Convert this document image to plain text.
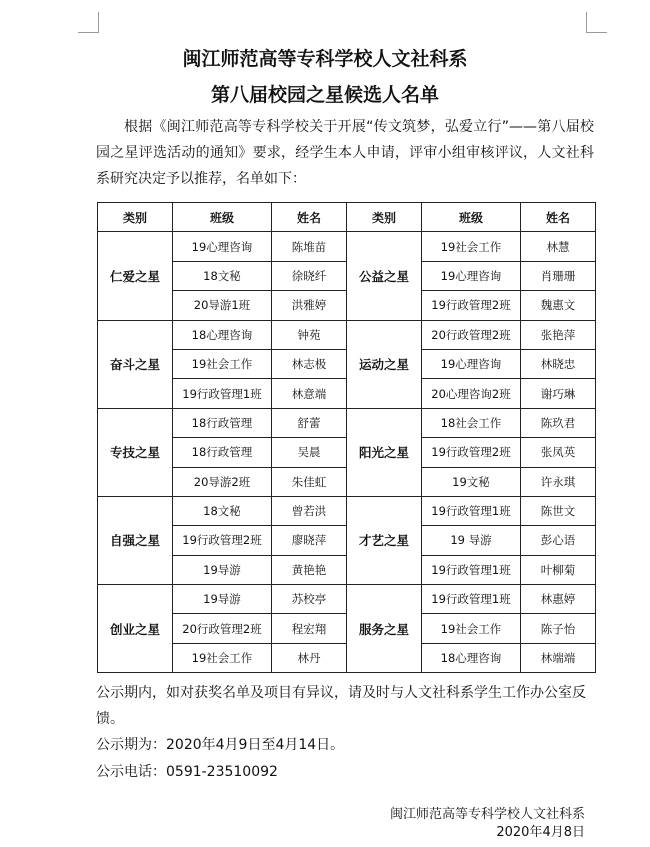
闽江师范高等专科学校人文社科系
第八届校园之星候选人名单
根据《闽江师范高等专科学校关于开展“传文筑梦，弘爱立行”——第八届校园之星评选活动的通知》要求，经学生本人申请，评审小组审核评议，人文社科系研究决定予以推荐，名单如下：
类别	班级	姓名	类别	班级	姓名
仁爱之星	19心理咨询	陈堆苗	公益之星	19社会工作	林慧
	18文秘	徐晓纤		19心理咨询	肖珊珊
	20导游1班	洪雅婷		19行政管理2班	魏惠文
奋斗之星	18心理咨询	钟苑	运动之星	20行政管理2班	张艳萍
	19社会工作	林志极		19心理咨询	林晓忠
	19行政管理1班	林意端		20心理咨询2班	谢巧琳
专技之星	18行政管理	舒蕾	阳光之星	18社会工作	陈玖君
	18行政管理	吴晨		19行政管理2班	张凤英
	20导游2班	朱佳虹		19文秘	许永琪
自强之星	18文秘	曾若洪	才艺之星	19行政管理1班	陈世文
	19行政管理2班	廖晓萍		19 导游	彭心语
	19导游	黄艳艳		19行政管理1班	叶柳菊
创业之星	19导游	苏校亭	服务之星	19行政管理1班	林惠婷
	20行政管理2班	程宏翔		19社会工作	陈子怡
	19社会工作	林丹		18心理咨询	林端端
公示期内，如对获奖名单及项目有异议，请及时与人文社科系学生工作办公室反馈。
公示期为：2020年4月9日至4月14日。
公示电话：0591-23510092
闽江师范高等专科学校人文社科系
2020年4月8日
